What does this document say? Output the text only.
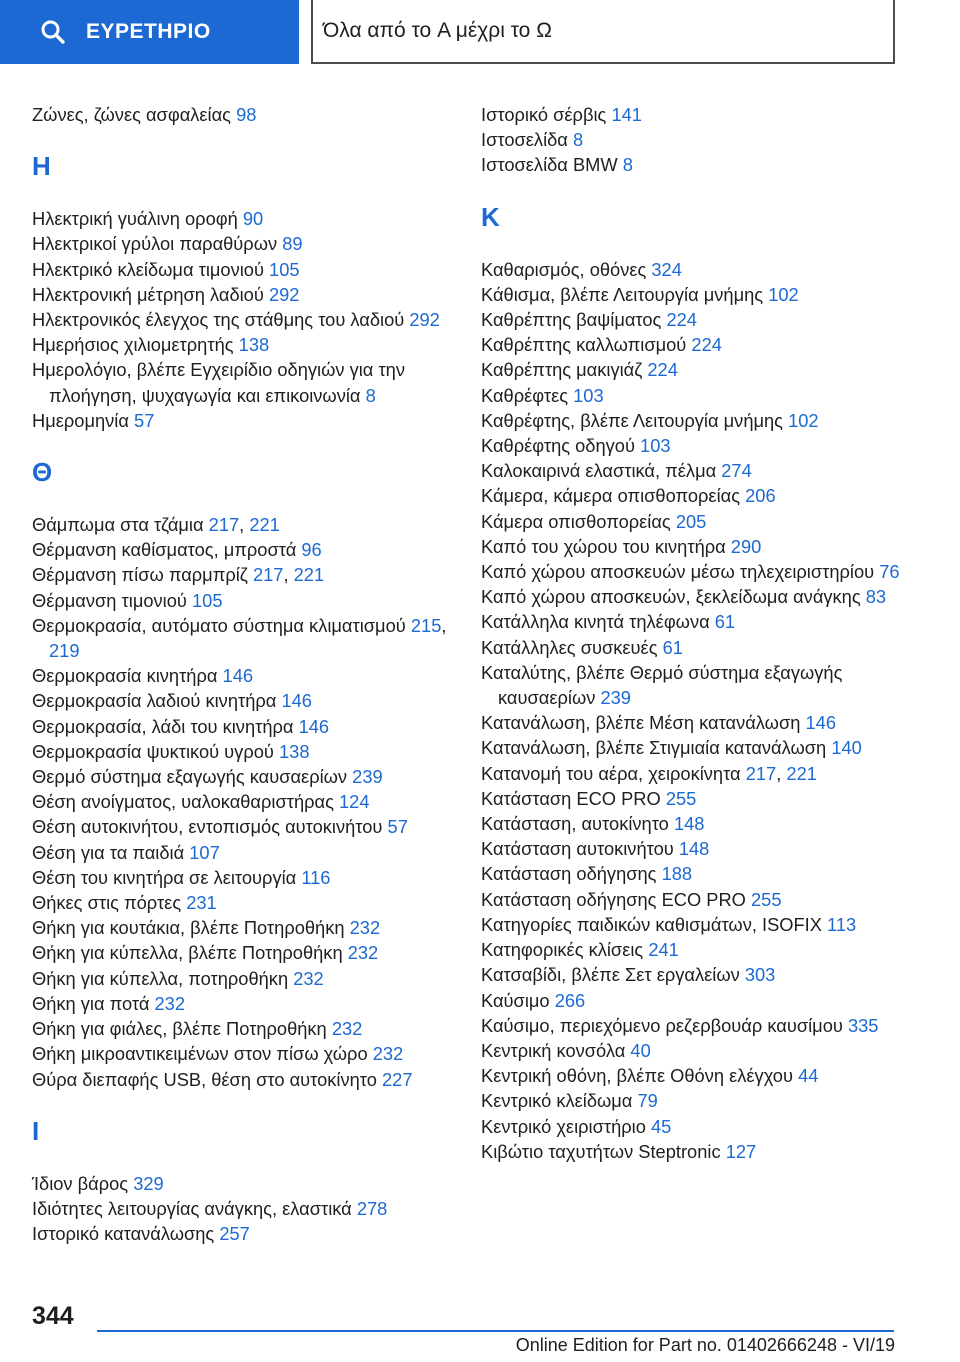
ΕΥΡΕΤΗΡΙΟ	Όλα από το A μέχρι το Ω
Ζώνες, ζώνες ασφαλείας 98
Η
Ηλεκτρική γυάλινη οροφή 90
Ηλεκτρικοί γρύλοι παραθύρων 89
Ηλεκτρικό κλείδωμα τιμονιού 105
Ηλεκτρονική μέτρηση λαδιού 292
Ηλεκτρονικός έλεγχος της στάθμης του λαδιού 292
Ημερήσιος χιλιομετρητής 138
Ημερολόγιο, βλέπε Εγχειρίδιο οδηγιών για την πλοήγηση, ψυχαγωγία και επικοινωνία 8
Ημερομηνία 57
Θ
Θάμπωμα στα τζάμια 217, 221
Θέρμανση καθίσματος, μπροστά 96
Θέρμανση πίσω παρμπρίζ 217, 221
Θέρμανση τιμονιού 105
Θερμοκρασία, αυτόματο σύστημα κλιματισμού 215, 219
Θερμοκρασία κινητήρα 146
Θερμοκρασία λαδιού κινητήρα 146
Θερμοκρασία, λάδι του κινητήρα 146
Θερμοκρασία ψυκτικού υγρού 138
Θερμό σύστημα εξαγωγής καυσαερίων 239
Θέση ανοίγματος, υαλοκαθαριστήρας 124
Θέση αυτοκινήτου, εντοπισμός αυτοκινήτου 57
Θέση για τα παιδιά 107
Θέση του κινητήρα σε λειτουργία 116
Θήκες στις πόρτες 231
Θήκη για κουτάκια, βλέπε Ποτηροθήκη 232
Θήκη για κύπελλα, βλέπε Ποτηροθήκη 232
Θήκη για κύπελλα, ποτηροθήκη 232
Θήκη για ποτά 232
Θήκη για φιάλες, βλέπε Ποτηροθήκη 232
Θήκη μικροαντικειμένων στον πίσω χώρο 232
Θύρα διεπαφής USB, θέση στο αυτοκίνητο 227
Ι
Ίδιον βάρος 329
Ιδιότητες λειτουργίας ανάγκης, ελαστικά 278
Ιστορικό κατανάλωσης 257
Ιστορικό σέρβις 141
Ιστοσελίδα 8
Ιστοσελίδα BMW 8
Κ
Καθαρισμός, οθόνες 324
Κάθισμα, βλέπε Λειτουργία μνήμης 102
Καθρέπτης βαψίματος 224
Καθρέπτης καλλωπισμού 224
Καθρέπτης μακιγιάζ 224
Καθρέφτες 103
Καθρέφτης, βλέπε Λειτουργία μνήμης 102
Καθρέφτης οδηγού 103
Καλοκαιρινά ελαστικά, πέλμα 274
Κάμερα, κάμερα οπισθοπορείας 206
Κάμερα οπισθοπορείας 205
Καπό του χώρου του κινητήρα 290
Καπό χώρου αποσκευών μέσω τηλεχειριστηρίου 76
Καπό χώρου αποσκευών, ξεκλείδωμα ανάγκης 83
Κατάλληλα κινητά τηλέφωνα 61
Κατάλληλες συσκευές 61
Καταλύτης, βλέπε Θερμό σύστημα εξαγωγής καυσαερίων 239
Κατανάλωση, βλέπε Μέση κατανάλωση 146
Κατανάλωση, βλέπε Στιγμιαία κατανάλωση 140
Κατανομή του αέρα, χειροκίνητα 217, 221
Κατάσταση ECO PRO 255
Κατάσταση, αυτοκίνητο 148
Κατάσταση αυτοκινήτου 148
Κατάσταση οδήγησης 188
Κατάσταση οδήγησης ECO PRO 255
Κατηγορίες παιδικών καθισμάτων, ISOFIX 113
Κατηφορικές κλίσεις 241
Κατσαβίδι, βλέπε Σετ εργαλείων 303
Καύσιμο 266
Καύσιμο, περιεχόμενο ρεζερβουάρ καυσίμου 335
Κεντρική κονσόλα 40
Κεντρική οθόνη, βλέπε Οθόνη ελέγχου 44
Κεντρικό κλείδωμα 79
Κεντρικό χειριστήριο 45
Κιβώτιο ταχυτήτων Steptronic 127
344
Online Edition for Part no. 01402666248 - VI/19
